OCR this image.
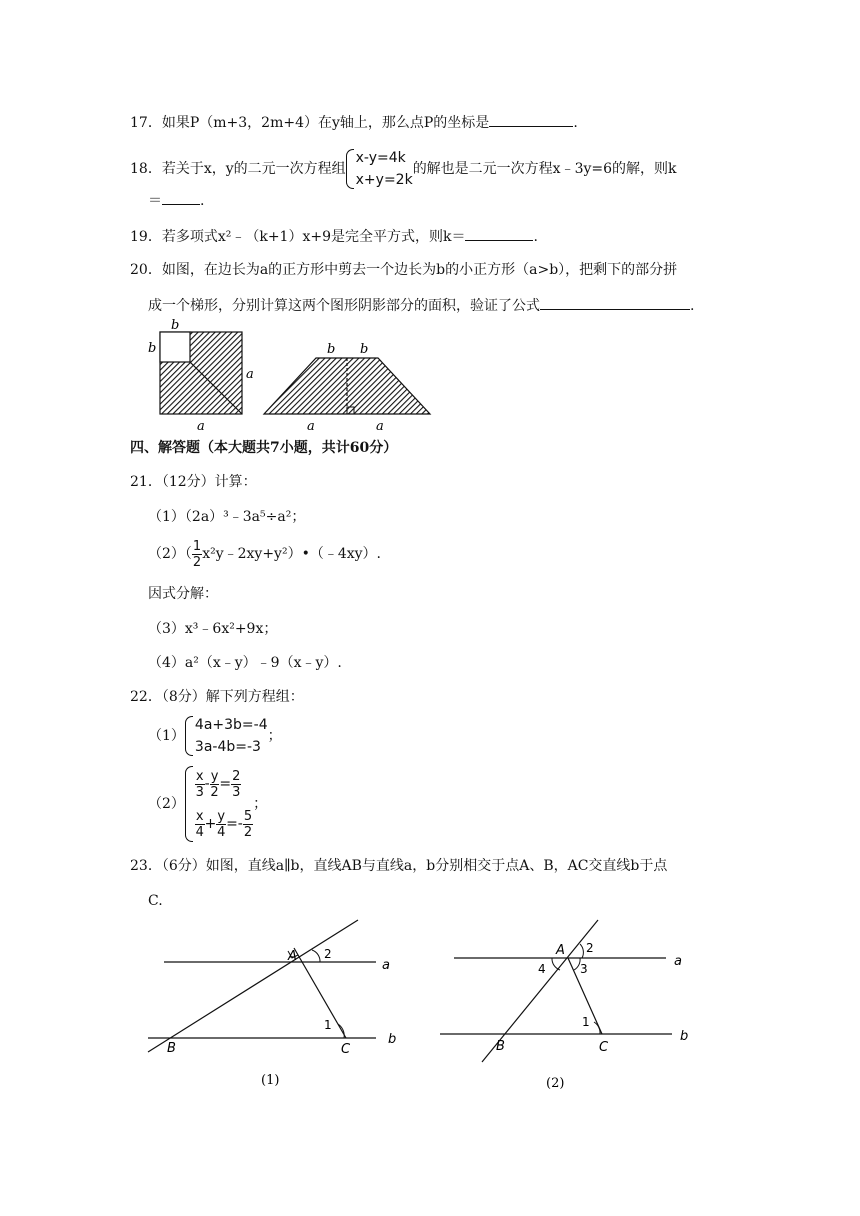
17．如果P（m+3，2m+4）在y轴上，那么点P的坐标是	.
18．若关于x，y的二元一次方程组
x-y=4k
x+y=2k
的解也是二元一次方程x﹣3y=6的解，则k
＝	.
19．若多项式x²﹣（k+1）x+9是完全平方式，则k＝	.
20．如图，在边长为a的正方形中剪去一个边长为b的小正方形（a>b），把剩下的部分拼
成一个梯形，分别计算这两个图形阴影部分的面积，验证了公式	.
b
b
a
a
b b
a	a
四、解答题（本大题共7小题，共计60分）
21．（12分）计算：
（1）（2a）³﹣3a⁵÷a²；
$(2)( \frac{1}{2}$ x²y﹣2xy+y²）•（﹣4xy）.
因式分解：
（3）x³﹣6x²+9x；
（4）a²（x﹣y）﹣9（x﹣y）.
22．（8分）解下列方程组：
（1）
4a+3b=-4
3a-4b=-3
；
（2）
$\frac{x}{3} - \frac{y}{2} = \frac{2}{3}$
$\frac{x}{4} + \frac{y}{4} =- \frac{5}{2}$
；
23．（6分）如图，直线a∥b，直线AB与直线a，b分别相交于点A、B，AC交直线b于点
C.
A
B	C
a
b
1
2
(1)
A
B	C
a
b
1
2
3
4
(2)
